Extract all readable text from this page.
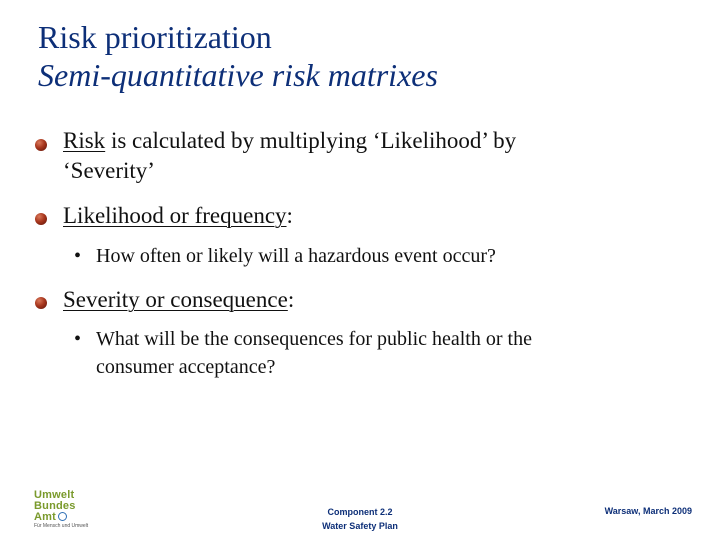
Risk prioritization
Semi-quantitative risk matrixes
Risk is calculated by multiplying ‘Likelihood’ by
‘Severity’
Likelihood or frequency:
• How often or likely will a hazardous event occur?
Severity or consequence:
• What will be the consequences for public health or the
consumer acceptance?
Umwelt
Bundes
Amt
Für Mensch und Umwelt
Component 2.2
Water Safety Plan
Warsaw, March 2009
